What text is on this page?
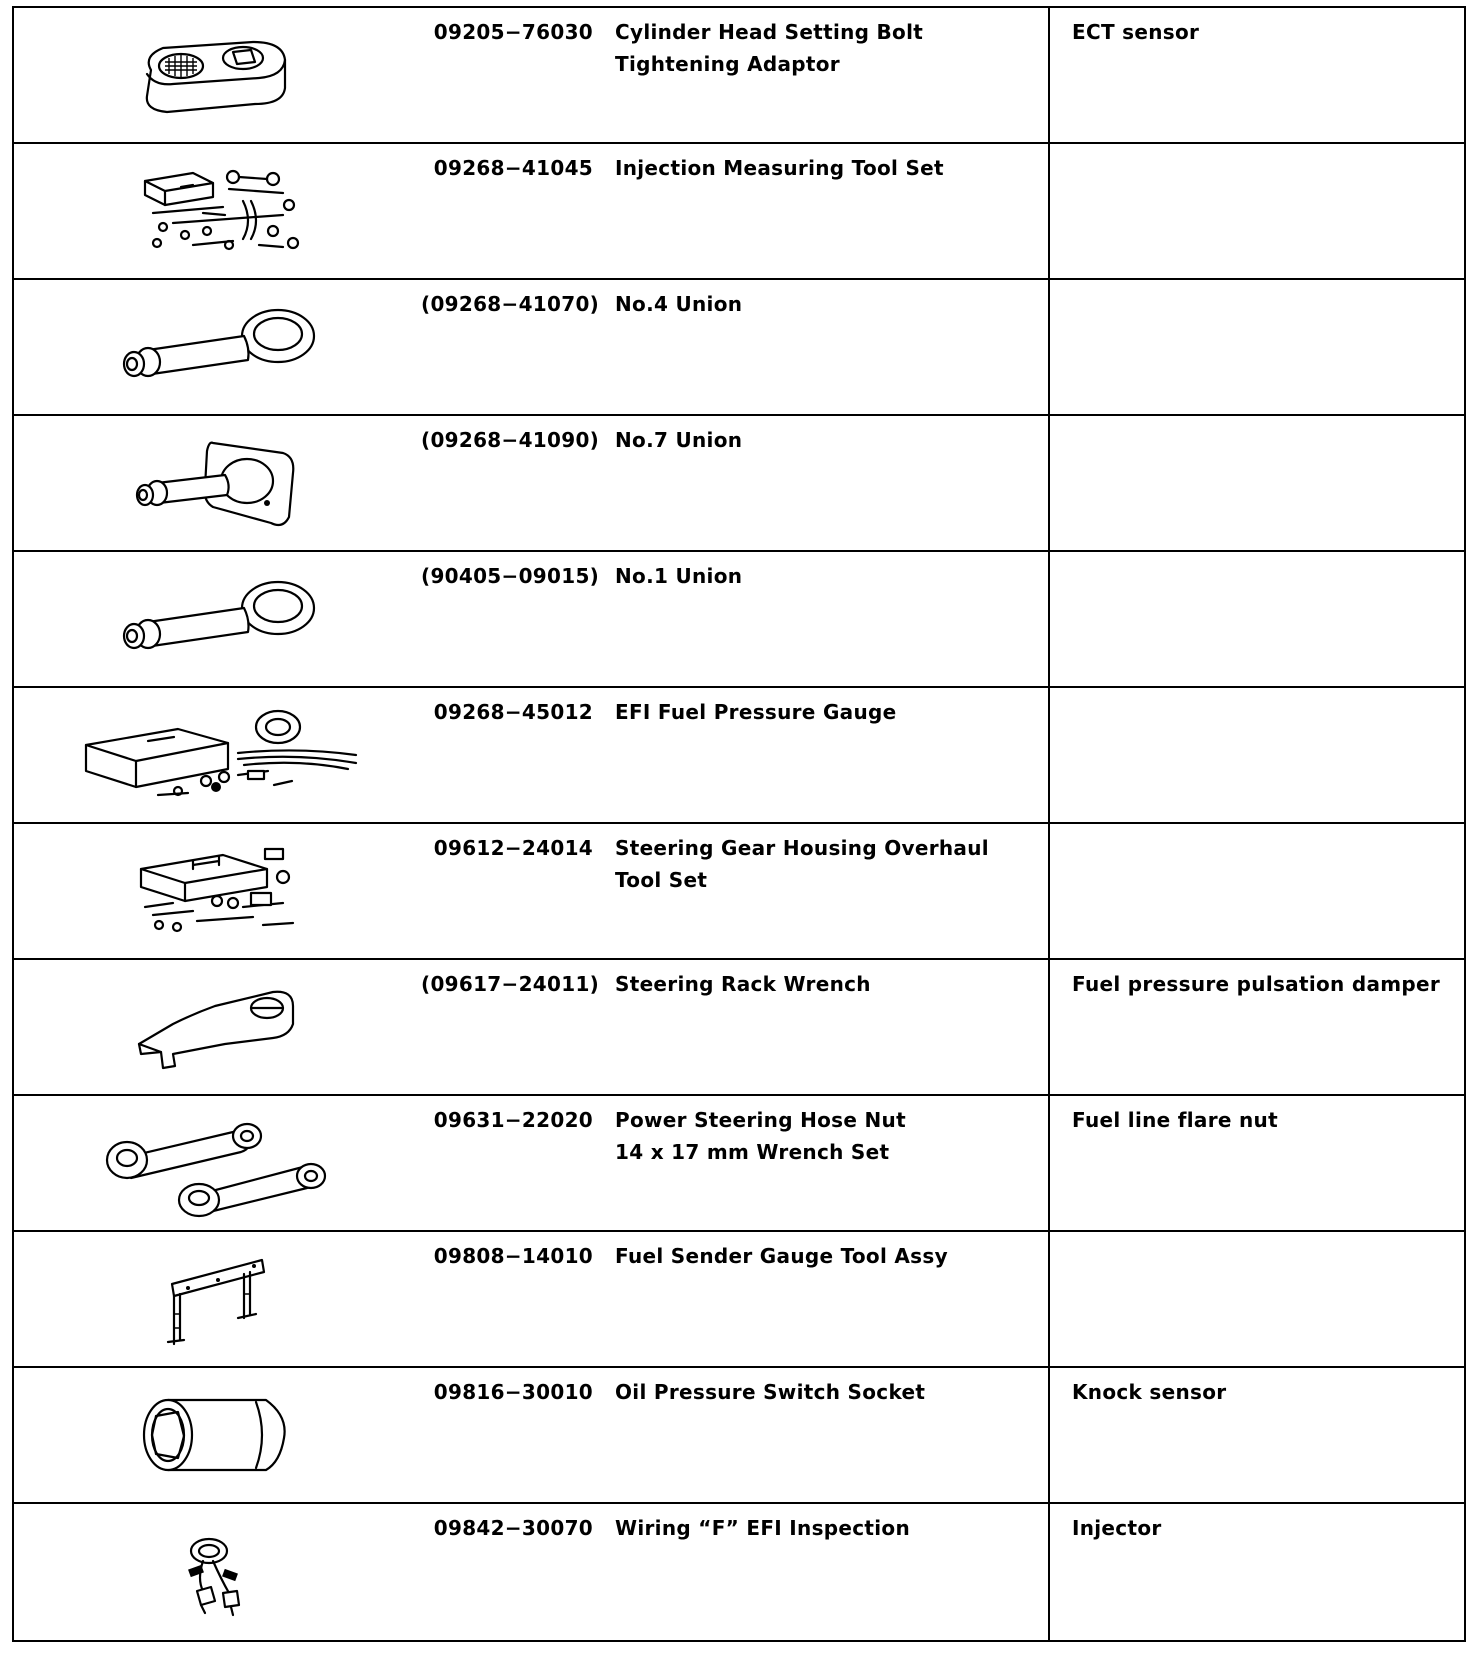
09205−76030 Cylinder Head Setting Bolt
Tightening Adaptor	ECT sensor

09268−41045 Injection Measuring Tool Set	

(09268−41070) No.4 Union	

(09268−41090) No.7 Union	

(90405−09015) No.1 Union	

09268−45012 EFI Fuel Pressure Gauge	

09612−24014 Steering Gear Housing Overhaul
Tool Set	

(09617−24011) Steering Rack Wrench	Fuel pressure pulsation damper

09631−22020 Power Steering Hose Nut
14 x 17 mm Wrench Set	Fuel line flare nut

09808−14010 Fuel Sender Gauge Tool Assy	

09816−30010 Oil Pressure Switch Socket	Knock sensor

09842−30070 Wiring “F” EFI Inspection	Injector
